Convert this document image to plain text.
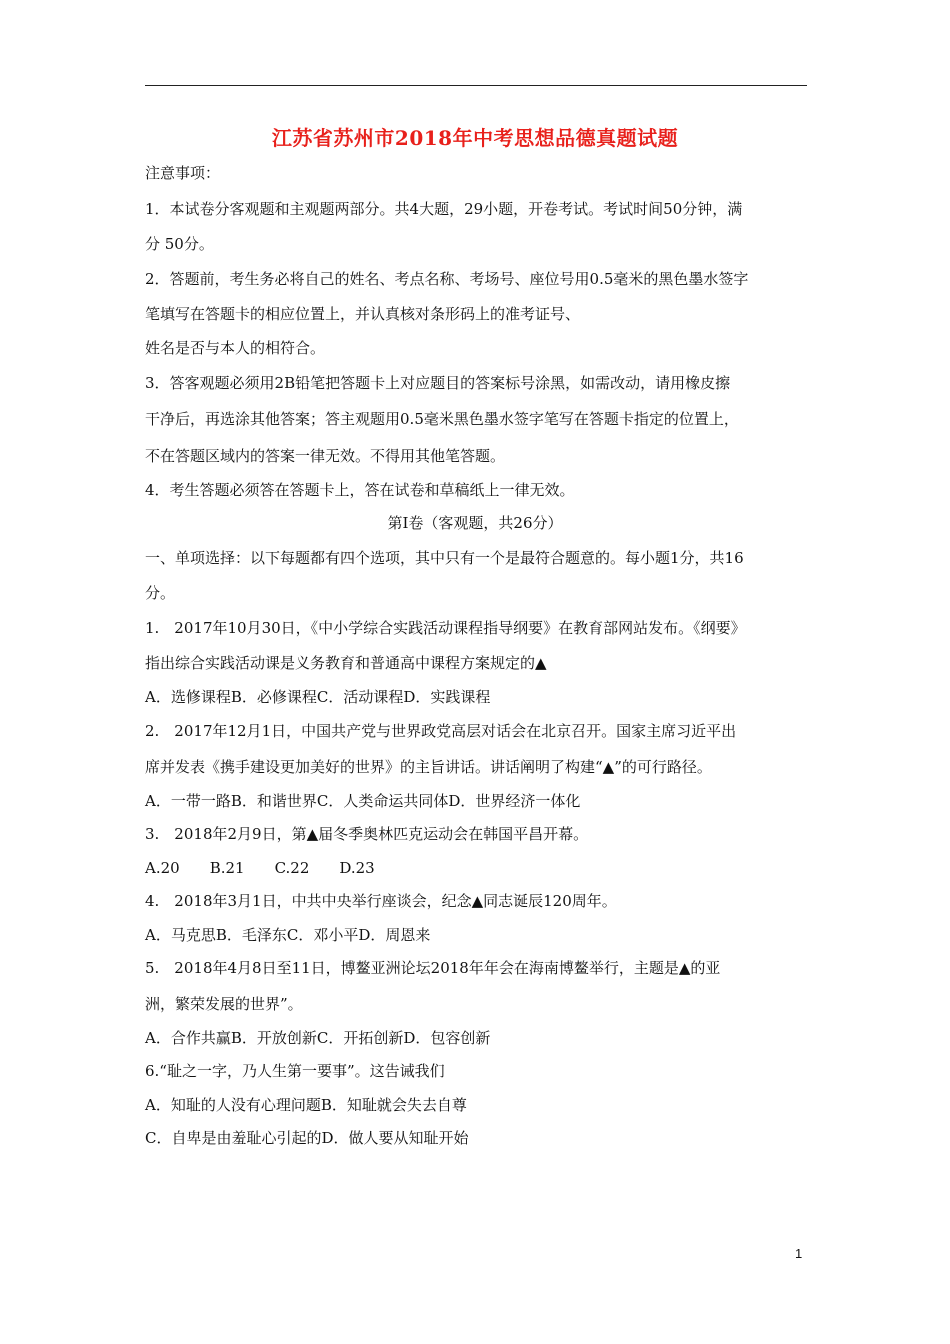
江苏省苏州市2018年中考思想品德真题试题
注意事项：
1．本试卷分客观题和主观题两部分。共4大题，29小题，开卷考试。考试时间50分钟，满
分 50分。
2．答题前，考生务必将自己的姓名、考点名称、考场号、座位号用0.5毫米的黑色墨水签字
笔填写在答题卡的相应位置上，并认真核对条形码上的准考证号、
姓名是否与本人的相符合。
3．答客观题必须用2B铅笔把答题卡上对应题目的答案标号涂黑，如需改动，请用橡皮擦
干净后，再选涂其他答案；答主观题用0.5毫米黑色墨水签字笔写在答题卡指定的位置上，
不在答题区域内的答案一律无效。不得用其他笔答题。
4．考生答题必须答在答题卡上，答在试卷和草稿纸上一律无效。
第Ⅰ卷（客观题，共26分）
一、单项选择：以下每题都有四个选项，其中只有一个是最符合题意的。每小题1分，共16
分。
1.　2017年10月30日，《中小学综合实践活动课程指导纲要》在教育部网站发布。《纲要》
指出综合实践活动课是义务教育和普通高中课程方案规定的▲
A．选修课程B．必修课程C．活动课程D．实践课程
2.　2017年12月1日，中国共产党与世界政党高层对话会在北京召开。国家主席习近平出
席并发表《携手建设更加美好的世界》的主旨讲话。讲话阐明了构建“▲”的可行路径。
A．一带一路B．和谐世界C．人类命运共同体D．世界经济一体化
3.　2018年2月9日，第▲届冬季奥林匹克运动会在韩国平昌开幕。
A.20　　B.21　　C.22　　D.23
4.　2018年3月1日，中共中央举行座谈会，纪念▲同志诞辰120周年。
A．马克思B．毛泽东C．邓小平D．周恩来
5.　2018年4月8日至11日，博鳌亚洲论坛2018年年会在海南博鳌举行，主题是▲的亚
洲，繁荣发展的世界”。
A．合作共赢B．开放创新C．开拓创新D．包容创新
6.“耻之一字，乃人生第一要事”。这告诫我们
A．知耻的人没有心理问题B．知耻就会失去自尊
C．自卑是由羞耻心引起的D．做人要从知耻开始
1
